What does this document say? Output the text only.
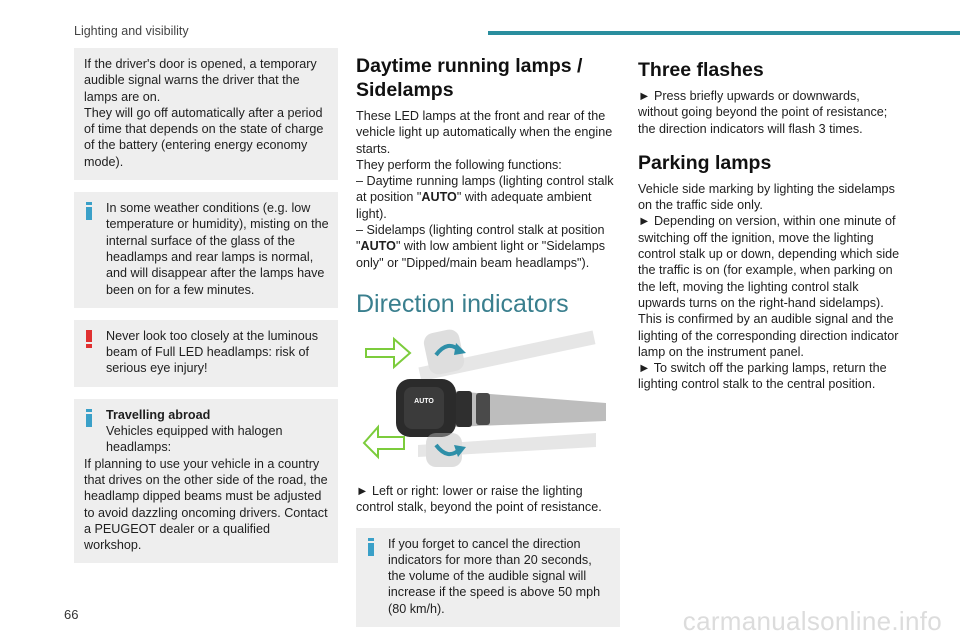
Lighting and visibility

If the driver's door is opened, a temporary audible signal warns the driver that the lamps are on.

They will go off automatically after a period of time that depends on the state of charge of the battery (entering energy economy mode).

In some weather conditions (e.g. low temperature or humidity), misting on the internal surface of the glass of the headlamps and rear lamps is normal, and will disappear after the lamps have been on for a few minutes.

Never look too closely at the luminous beam of Full LED headlamps: risk of serious eye injury!

Travelling abroad

Vehicles equipped with halogen headlamps:

If planning to use your vehicle in a country that drives on the other side of the road, the headlamp dipped beams must be adjusted to avoid dazzling oncoming drivers. Contact a PEUGEOT dealer or a qualified workshop.

Daytime running lamps / Sidelamps

These LED lamps at the front and rear of the vehicle light up automatically when the engine starts.

They perform the following functions:

– Daytime running lamps (lighting control stalk at position "AUTO" with adequate ambient light).

– Sidelamps (lighting control stalk at position "AUTO" with low ambient light or "Sidelamps only" or "Dipped/main beam headlamps").

Direction indicators
AUTO

► Left or right: lower or raise the lighting control stalk, beyond the point of resistance.

If you forget to cancel the direction indicators for more than 20 seconds, the volume of the audible signal will increase if the speed is above 50 mph (80 km/h).

Three flashes

► Press briefly upwards or downwards, without going beyond the point of resistance; the direction indicators will flash 3 times.

Parking lamps

Vehicle side marking by lighting the sidelamps on the traffic side only.

► Depending on version, within one minute of switching off the ignition, move the lighting control stalk up or down, depending which side the traffic is on (for example, when parking on the left, moving the lighting control stalk upwards turns on the right-hand sidelamps).

This is confirmed by an audible signal and the lighting of the corresponding direction indicator lamp on the instrument panel.

► To switch off the parking lamps, return the lighting control stalk to the central position.

66	carmanualsonline.info
